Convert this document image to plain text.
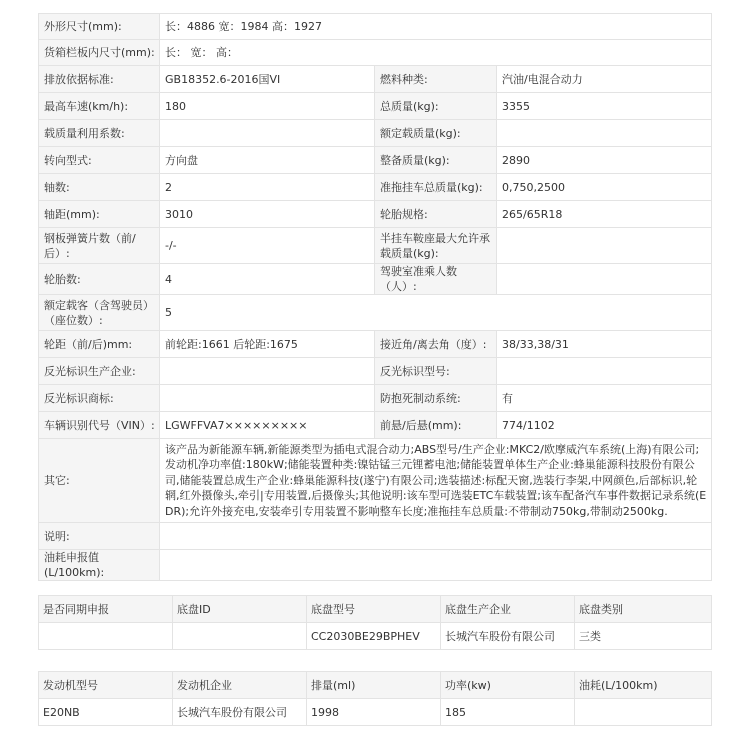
外形尺寸(mm):	长：4886 宽：1984 高：1927		
货箱栏板内尺寸(mm):	长： 宽： 高：		
排放依据标准:	GB18352.6-2016国VI	燃料种类:	汽油/电混合动力
最高车速(km/h):	180	总质量(kg):	3355
载质量利用系数:		额定载质量(kg):	
转向型式:	方向盘	整备质量(kg):	2890
轴数:	2	准拖挂车总质量(kg):	0,750,2500
轴距(mm):	3010	轮胎规格:	265/65R18
钢板弹簧片数（前/后）:	-/-	半挂车鞍座最大允许承载质量(kg):	
轮胎数:	4	驾驶室准乘人数（人）:	
额定载客（含驾驶员）（座位数）:	5		
轮距（前/后)mm:	前轮距:1661 后轮距:1675	接近角/离去角（度）:	38/33,38/31
反光标识生产企业:		反光标识型号:	
反光标识商标:		防抱死制动系统:	有
车辆识别代号（VIN）:	LGWFFVA7×××××××××	前悬/后悬(mm):	774/1102
其它:	该产品为新能源车辆,新能源类型为插电式混合动力;ABS型号/生产企业:MKC2/欧摩威汽车系统(上海)有限公司;发动机净功率值:180kW;储能装置种类:镍钴锰三元锂蓄电池;储能装置单体生产企业:蜂巢能源科技股份有限公司,储能装置总成生产企业:蜂巢能源科技(遂宁)有限公司;选装描述:标配天窗,选装行李架,中网颜色,后部标识,轮辋,红外摄像头,牵引|专用装置,后摄像头;其他说明:该车型可选装ETC车载装置;该车配备汽车事件数据记录系统(EDR);允许外接充电,安装牵引专用装置不影响整车长度;准拖挂车总质量:不带制动750kg,带制动2500kg.		
说明:			
油耗申报值(L/100km):			
是否同期申报	底盘ID	底盘型号	底盘生产企业	底盘类别
		CC2030BE29BPHEV	长城汽车股份有限公司	三类
发动机型号	发动机企业	排量(ml)	功率(kw)	油耗(L/100km)
E20NB	长城汽车股份有限公司	1998	185	
